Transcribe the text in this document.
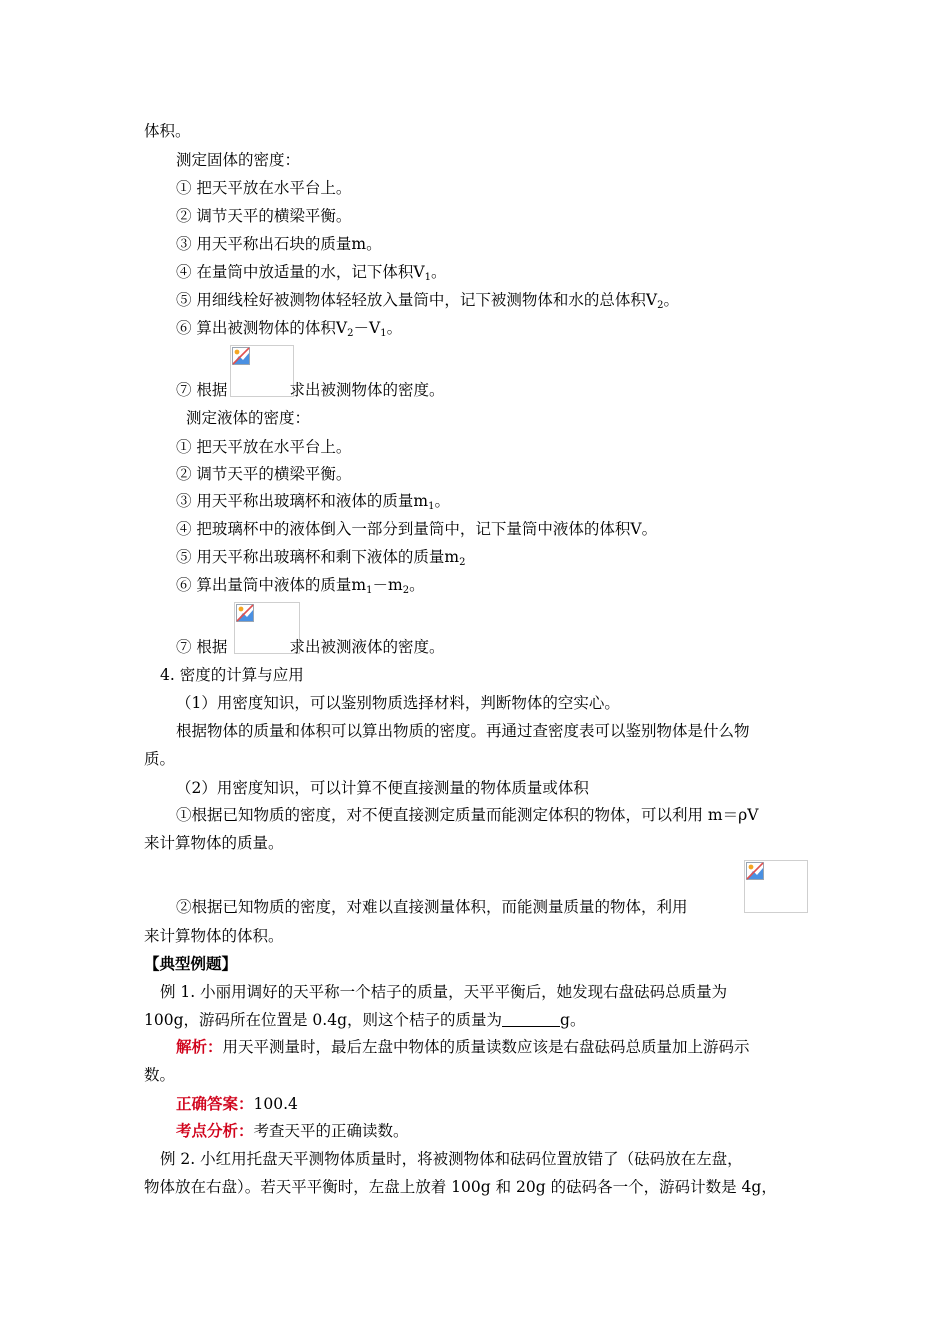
体积。
测定固体的密度：
① 把天平放在水平台上。
② 调节天平的横梁平衡。
③ 用天平称出石块的质量m。
④ 在量筒中放适量的水，记下体积$V_1$。
⑤ 用细线栓好被测物体轻轻放入量筒中，记下被测物体和水的总体积$V_2$。
⑥ 算出被测物体的体积$V_2-V_1$。
⑦ 根据	求出被测物体的密度。
测定液体的密度：
① 把天平放在水平台上。
② 调节天平的横梁平衡。
③ 用天平称出玻璃杯和液体的质量$m_1$。
④ 把玻璃杯中的液体倒入一部分到量筒中，记下量筒中液体的体积V。
⑤ 用天平称出玻璃杯和剩下液体的质量$m_2$
⑥ 算出量筒中液体的质量$m_1-m_2$。
⑦ 根据	求出被测液体的密度。
4. 密度的计算与应用
（1）用密度知识，可以鉴别物质选择材料，判断物体的空实心。
根据物体的质量和体积可以算出物质的密度。再通过查密度表可以鉴别物体是什么物
质。
（2）用密度知识，可以计算不便直接测量的物体质量或体积
①根据已知物质的密度，对不便直接测定质量而能测定体积的物体，可以利用 m＝ρV
来计算物体的质量。
②根据已知物质的密度，对难以直接测量体积，而能测量质量的物体，利用
来计算物体的体积。
【典型例题】
例 1. 小丽用调好的天平称一个桔子的质量，天平平衡后，她发现右盘砝码总质量为
100g，游码所在位置是 0.4g，则这个桔子的质量为	g。
解析：用天平测量时，最后左盘中物体的质量读数应该是右盘砝码总质量加上游码示
数。
正确答案：100.4
考点分析：考查天平的正确读数。
例 2. 小红用托盘天平测物体质量时，将被测物体和砝码位置放错了（砝码放在左盘，
物体放在右盘）。若天平平衡时，左盘上放着 100g 和 20g 的砝码各一个，游码计数是 4g，
